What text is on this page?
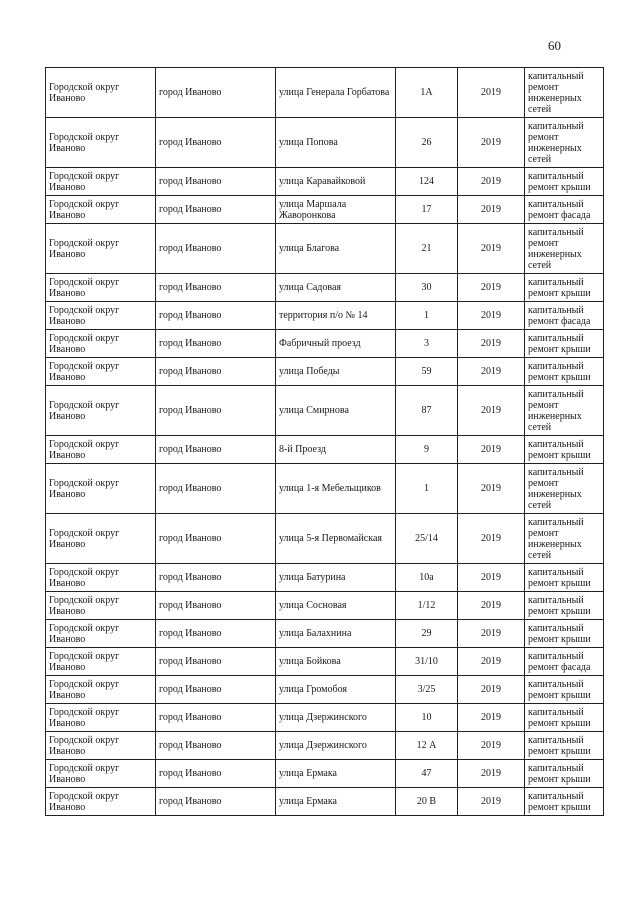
60
Городской округ Иваново	город Иваново	улица Генерала Горбатова	1А	2019	капитальный ремонт инженерных сетей
Городской округ Иваново	город Иваново	улица Попова	26	2019	капитальный ремонт инженерных сетей
Городской округ Иваново	город Иваново	улица Каравайковой	124	2019	капитальный ремонт крыши
Городской округ Иваново	город Иваново	улица Маршала Жаворонкова	17	2019	капитальный ремонт фасада
Городской округ Иваново	город Иваново	улица Благова	21	2019	капитальный ремонт инженерных сетей
Городской округ Иваново	город Иваново	улица Садовая	30	2019	капитальный ремонт крыши
Городской округ Иваново	город Иваново	территория п/о № 14	1	2019	капитальный ремонт фасада
Городской округ Иваново	город Иваново	Фабричный проезд	3	2019	капитальный ремонт крыши
Городской округ Иваново	город Иваново	улица Победы	59	2019	капитальный ремонт крыши
Городской округ Иваново	город Иваново	улица Смирнова	87	2019	капитальный ремонт инженерных сетей
Городской округ Иваново	город Иваново	8-й Проезд	9	2019	капитальный ремонт крыши
Городской округ Иваново	город Иваново	улица 1-я Мебельщиков	1	2019	капитальный ремонт инженерных сетей
Городской округ Иваново	город Иваново	улица 5-я Первомайская	25/14	2019	капитальный ремонт инженерных сетей
Городской округ Иваново	город Иваново	улица Батурина	10а	2019	капитальный ремонт крыши
Городской округ Иваново	город Иваново	улица Сосновая	1/12	2019	капитальный ремонт крыши
Городской округ Иваново	город Иваново	улица Балахнина	29	2019	капитальный ремонт крыши
Городской округ Иваново	город Иваново	улица Бойкова	31/10	2019	капитальный ремонт фасада
Городской округ Иваново	город Иваново	улица Громобоя	3/25	2019	капитальный ремонт крыши
Городской округ Иваново	город Иваново	улица Дзержинского	10	2019	капитальный ремонт крыши
Городской округ Иваново	город Иваново	улица Дзержинского	12 А	2019	капитальный ремонт крыши
Городской округ Иваново	город Иваново	улица Ермака	47	2019	капитальный ремонт крыши
Городской округ Иваново	город Иваново	улица Ермака	20 В	2019	капитальный ремонт крыши
